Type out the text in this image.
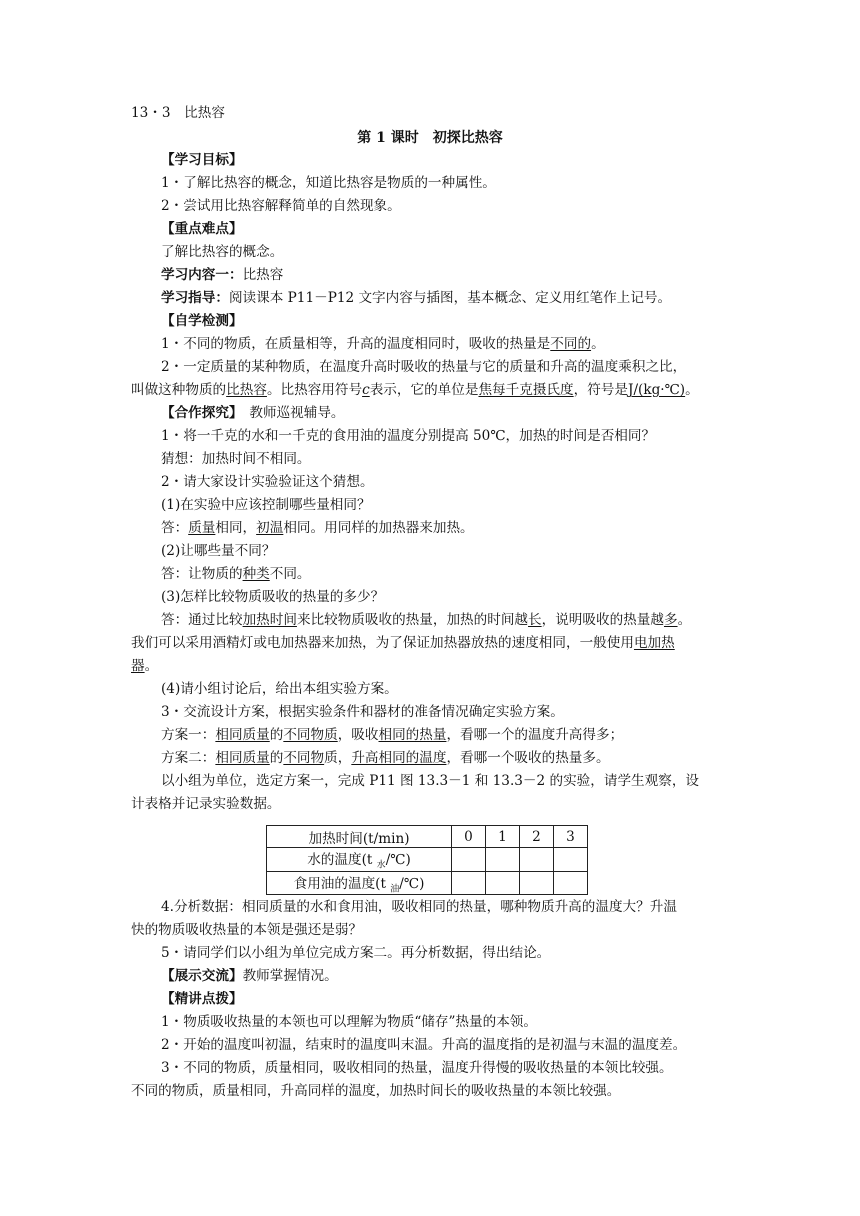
13・3　比热容
第 1 课时　初探比热容
【学习目标】
1・了解比热容的概念，知道比热容是物质的一种属性。
2・尝试用比热容解释简单的自然现象。
【重点难点】
了解比热容的概念。
学习内容一：比热容
学习指导：阅读课本 P11－P12 文字内容与插图，基本概念、定义用红笔作上记号。
【自学检测】
1・不同的物质，在质量相等，升高的温度相同时，吸收的热量是不同的。
2・一定质量的某种物质，在温度升高时吸收的热量与它的质量和升高的温度乘积之比，
叫做这种物质的比热容。比热容用符号c表示，它的单位是焦每千克摄氏度，符号是J/(kg·℃)。
【合作探究】　教师巡视辅导。
1・将一千克的水和一千克的食用油的温度分别提高 50℃，加热的时间是否相同？
猜想：加热时间不相同。
2・请大家设计实验验证这个猜想。
(1)在实验中应该控制哪些量相同？
答：质量相同，初温相同。用同样的加热器来加热。
(2)让哪些量不同？
答：让物质的种类不同。
(3)怎样比较物质吸收的热量的多少？
答：通过比较加热时间来比较物质吸收的热量，加热的时间越长，说明吸收的热量越多。
我们可以采用酒精灯或电加热器来加热，为了保证加热器放热的速度相同，一般使用电加热
器。
(4)请小组讨论后，给出本组实验方案。
3・交流设计方案，根据实验条件和器材的准备情况确定实验方案。
方案一：相同质量的不同物质，吸收相同的热量，看哪一个的温度升高得多；
方案二：相同质量的不同物质，升高相同的温度，看哪一个吸收的热量多。
以小组为单位，选定方案一，完成 P11 图 13.3－1 和 13.3－2 的实验，请学生观察，设
计表格并记录实验数据。
加热时间(t/min)	0	1	2	3
水的温度(t $_水$/℃)				
食用油的温度(t $_油$/℃)				
4.分析数据：相同质量的水和食用油，吸收相同的热量，哪种物质升高的温度大？升温
快的物质吸收热量的本领是强还是弱？
5・请同学们以小组为单位完成方案二。再分析数据，得出结论。
【展示交流】教师掌握情况。
【精讲点拨】
1・物质吸收热量的本领也可以理解为物质“储存”热量的本领。
2・开始的温度叫初温，结束时的温度叫末温。升高的温度指的是初温与末温的温度差。
3・不同的物质，质量相同，吸收相同的热量，温度升得慢的吸收热量的本领比较强。
不同的物质，质量相同，升高同样的温度，加热时间长的吸收热量的本领比较强。
